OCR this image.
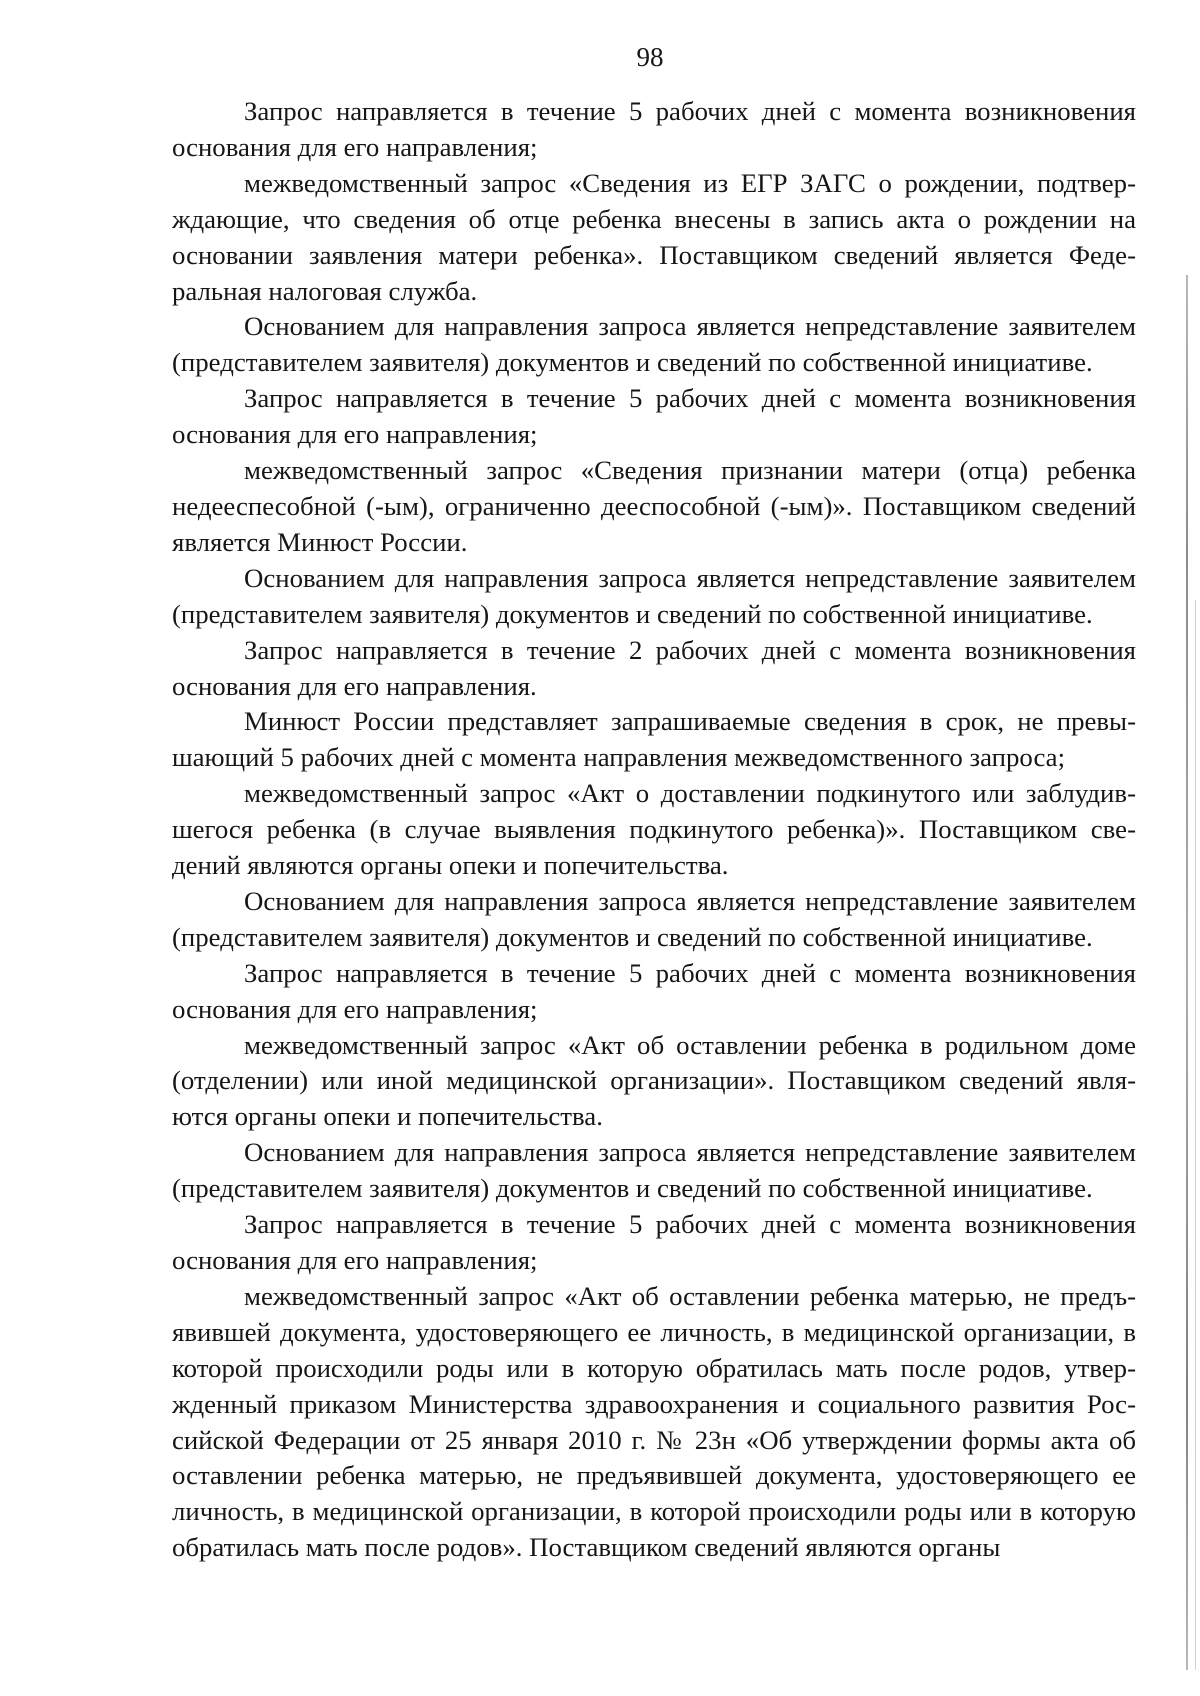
98

Запрос направляется в течение 5 рабочих дней с момента возникновения основания для его направления;

межведомственный запрос «Сведения из ЕГР ЗАГС о рождении, подтверждающие, что сведения об отце ребенка внесены в запись акта о рождении на основании заявления матери ребенка». Поставщиком сведений является Федеральная налоговая служба.

Основанием для направления запроса является непредставление заявителем (представителем заявителя) документов и сведений по собственной инициативе.

Запрос направляется в течение 5 рабочих дней с момента возникновения основания для его направления;

межведомственный запрос «Сведения признании матери (отца) ребенка недееспесобной (-ым), ограниченно дееспособной (-ым)». Поставщиком сведений является Минюст России.

Основанием для направления запроса является непредставление заявителем (представителем заявителя) документов и сведений по собственной инициативе.

Запрос направляется в течение 2 рабочих дней с момента возникновения основания для его направления.

Минюст России представляет запрашиваемые сведения в срок, не превышающий 5 рабочих дней с момента направления межведомственного запроса;

межведомственный запрос «Акт о доставлении подкинутого или заблудившегося ребенка (в случае выявления подкинутого ребенка)». Поставщиком сведений являются органы опеки и попечительства.

Основанием для направления запроса является непредставление заявителем (представителем заявителя) документов и сведений по собственной инициативе.

Запрос направляется в течение 5 рабочих дней с момента возникновения основания для его направления;

межведомственный запрос «Акт об оставлении ребенка в родильном доме (отделении) или иной медицинской организации». Поставщиком сведений являются органы опеки и попечительства.

Основанием для направления запроса является непредставление заявителем (представителем заявителя) документов и сведений по собственной инициативе.

Запрос направляется в течение 5 рабочих дней с момента возникновения основания для его направления;

межведомственный запрос «Акт об оставлении ребенка матерью, не предъявившей документа, удостоверяющего ее личность, в медицинской организации, в которой происходили роды или в которую обратилась мать после родов, утвержденный приказом Министерства здравоохранения и социального развития Российской Федерации от 25 января 2010 г. № 23н «Об утверждении формы акта об оставлении ребенка матерью, не предъявившей документа, удостоверяющего ее личность, в медицинской организации, в которой происходили роды или в которую обратилась мать после родов». Поставщиком сведений являются органы
